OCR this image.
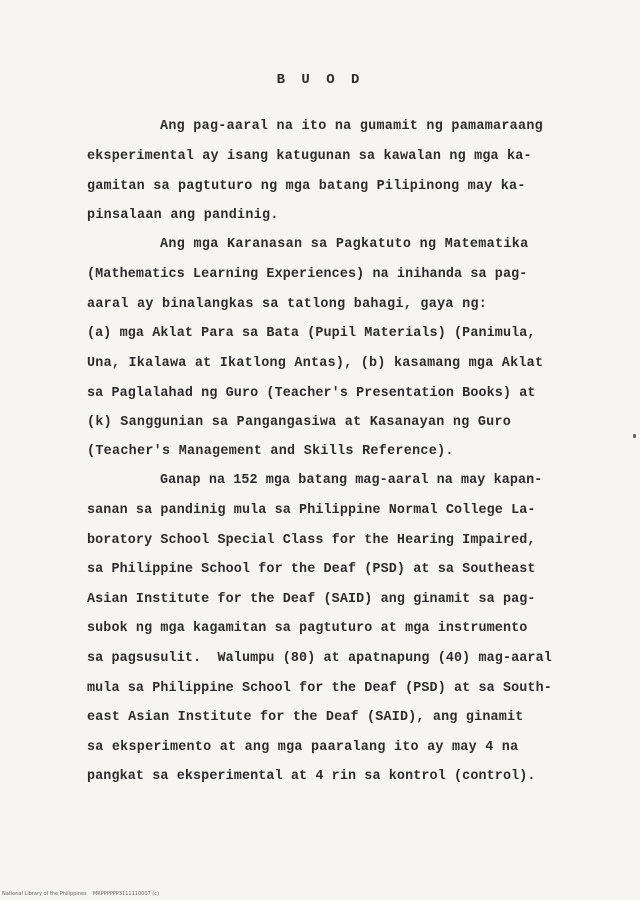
B U O D
Ang pag-aaral na ito na gumamit ng pamamaraang
eksperimental ay isang katugunan sa kawalan ng mga ka-
gamitan sa pagtuturo ng mga batang Pilipinong may ka-
pinsalaan ang pandinig.
Ang mga Karanasan sa Pagkatuto ng Matematika
(Mathematics Learning Experiences) na inihanda sa pag-
aaral ay binalangkas sa tatlong bahagi, gaya ng:
(a) mga Aklat Para sa Bata (Pupil Materials) (Panimula,
Una, Ikalawa at Ikatlong Antas), (b) kasamang mga Aklat
sa Paglalahad ng Guro (Teacher's Presentation Books) at
(k) Sanggunian sa Pangangasiwa at Kasanayan ng Guro
(Teacher's Management and Skills Reference).
Ganap na 152 mga batang mag-aaral na may kapan-
sanan sa pandinig mula sa Philippine Normal College La-
boratory School Special Class for the Hearing Impaired,
sa Philippine School for the Deaf (PSD) at sa Southeast
Asian Institute for the Deaf (SAID) ang ginamit sa pag-
subok ng mga kagamitan sa pagtuturo at mga instrumento
sa pagsusulit.  Walumpu (80) at apatnapung (40) mag-aaral
mula sa Philippine School for the Deaf (PSD) at sa South-
east Asian Institute for the Deaf (SAID), ang ginamit
sa eksperimento at ang mga paaralang ito ay may 4 na
pangkat sa eksperimental at 4 rin sa kontrol (control).
National Library of the Philippines    MRPPPPPP3111110007 (c)
